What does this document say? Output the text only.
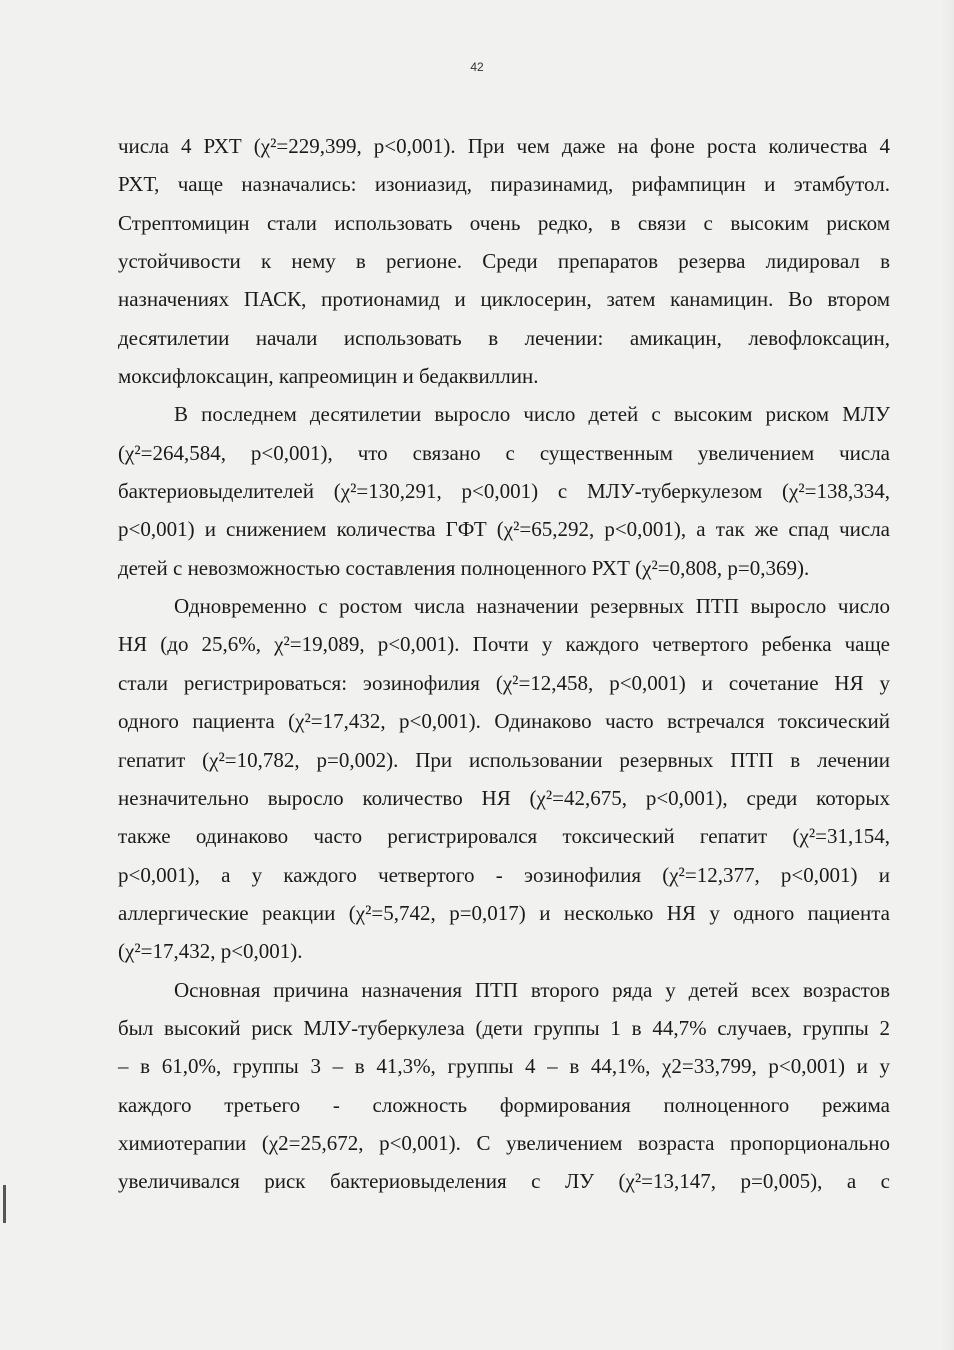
42
числа 4 РХТ (χ²=229,399, р<0,001). При чем даже на фоне роста количества 4
РХТ, чаще назначались: изониазид, пиразинамид, рифампицин и этамбутол.
Стрептомицин стали использовать очень редко, в связи с высоким риском
устойчивости к нему в регионе. Среди препаратов резерва лидировал в
назначениях ПАСК, протионамид и циклосерин, затем канамицин. Во втором
десятилетии начали использовать в лечении: амикацин, левофлоксацин,
моксифлоксацин, капреомицин и бедаквиллин.
В последнем десятилетии выросло число детей с высоким риском МЛУ
(χ²=264,584, р<0,001), что связано с существенным увеличением числа
бактериовыделителей (χ²=130,291, р<0,001) с МЛУ-туберкулезом (χ²=138,334,
р<0,001) и снижением количества ГФТ (χ²=65,292, р<0,001), а так же спад числа
детей с невозможностью составления полноценного РХТ (χ²=0,808, р=0,369).
Одновременно с ростом числа назначении резервных ПТП выросло число
НЯ (до 25,6%, χ²=19,089, р<0,001). Почти у каждого четвертого ребенка чаще
стали регистрироваться: эозинофилия (χ²=12,458, р<0,001) и сочетание НЯ у
одного пациента (χ²=17,432, р<0,001). Одинаково часто встречался токсический
гепатит (χ²=10,782, р=0,002). При использовании резервных ПТП в лечении
незначительно выросло количество НЯ (χ²=42,675, р<0,001), среди которых
также одинаково часто регистрировался токсический гепатит (χ²=31,154,
р<0,001), а у каждого четвертого - эозинофилия (χ²=12,377, р<0,001) и
аллергические реакции (χ²=5,742, р=0,017) и несколько НЯ у одного пациента
(χ²=17,432, р<0,001).
Основная причина назначения ПТП второго ряда у детей всех возрастов
был высокий риск МЛУ-туберкулеза (дети группы 1 в 44,7% случаев, группы 2
– в 61,0%, группы 3 – в 41,3%, группы 4 – в 44,1%, χ2=33,799, р<0,001) и у
каждого третьего - сложность формирования полноценного режима
химиотерапии (χ2=25,672, р<0,001). С увеличением возраста пропорционально
увеличивался риск бактериовыделения с ЛУ (χ²=13,147, р=0,005), а с
